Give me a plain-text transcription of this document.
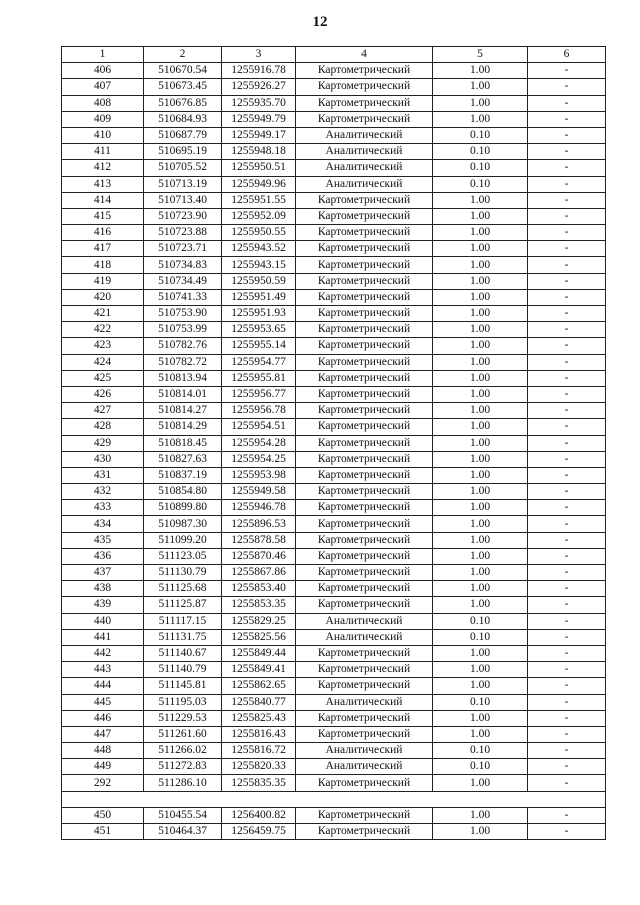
12
1	2	3	4	5	6
406	510670.54	1255916.78	Картометрический	1.00	-
407	510673.45	1255926.27	Картометрический	1.00	-
408	510676.85	1255935.70	Картометрический	1.00	-
409	510684.93	1255949.79	Картометрический	1.00	-
410	510687.79	1255949.17	Аналитический	0.10	-
411	510695.19	1255948.18	Аналитический	0.10	-
412	510705.52	1255950.51	Аналитический	0.10	-
413	510713.19	1255949.96	Аналитический	0.10	-
414	510713.40	1255951.55	Картометрический	1.00	-
415	510723.90	1255952.09	Картометрический	1.00	-
416	510723.88	1255950.55	Картометрический	1.00	-
417	510723.71	1255943.52	Картометрический	1.00	-
418	510734.83	1255943.15	Картометрический	1.00	-
419	510734.49	1255950.59	Картометрический	1.00	-
420	510741.33	1255951.49	Картометрический	1.00	-
421	510753.90	1255951.93	Картометрический	1.00	-
422	510753.99	1255953.65	Картометрический	1.00	-
423	510782.76	1255955.14	Картометрический	1.00	-
424	510782.72	1255954.77	Картометрический	1.00	-
425	510813.94	1255955.81	Картометрический	1.00	-
426	510814.01	1255956.77	Картометрический	1.00	-
427	510814.27	1255956.78	Картометрический	1.00	-
428	510814.29	1255954.51	Картометрический	1.00	-
429	510818.45	1255954.28	Картометрический	1.00	-
430	510827.63	1255954.25	Картометрический	1.00	-
431	510837.19	1255953.98	Картометрический	1.00	-
432	510854.80	1255949.58	Картометрический	1.00	-
433	510899.80	1255946.78	Картометрический	1.00	-
434	510987.30	1255896.53	Картометрический	1.00	-
435	511099.20	1255878.58	Картометрический	1.00	-
436	511123.05	1255870.46	Картометрический	1.00	-
437	511130.79	1255867.86	Картометрический	1.00	-
438	511125.68	1255853.40	Картометрический	1.00	-
439	511125.87	1255853.35	Картометрический	1.00	-
440	511117.15	1255829.25	Аналитический	0.10	-
441	511131.75	1255825.56	Аналитический	0.10	-
442	511140.67	1255849.44	Картометрический	1.00	-
443	511140.79	1255849.41	Картометрический	1.00	-
444	511145.81	1255862.65	Картометрический	1.00	-
445	511195.03	1255840.77	Аналитический	0.10	-
446	511229.53	1255825.43	Картометрический	1.00	-
447	511261.60	1255816.43	Картометрический	1.00	-
448	511266.02	1255816.72	Аналитический	0.10	-
449	511272.83	1255820.33	Аналитический	0.10	-
292	511286.10	1255835.35	Картометрический	1.00	-

450	510455.54	1256400.82	Картометрический	1.00	-
451	510464.37	1256459.75	Картометрический	1.00	-
